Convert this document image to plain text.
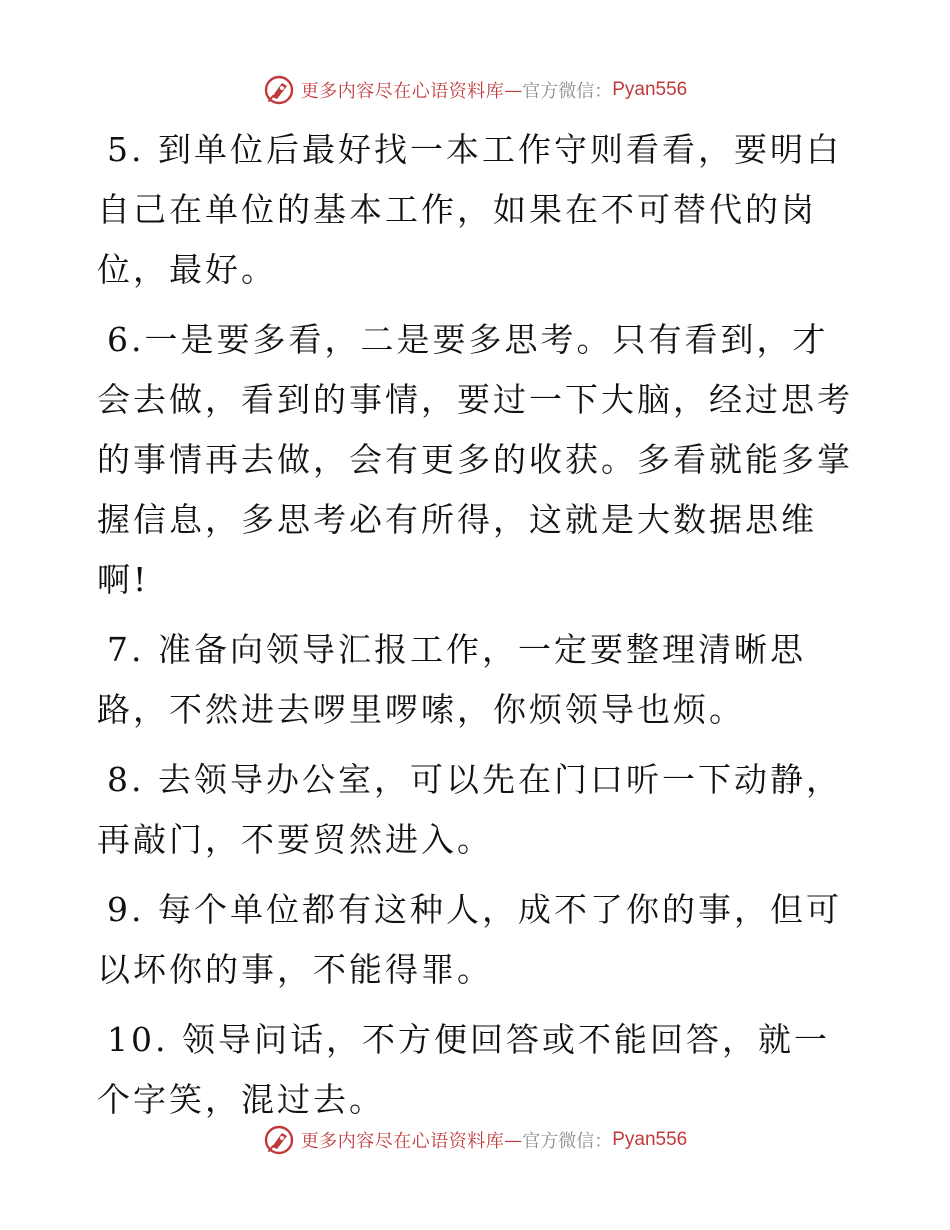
更多内容尽在心语资料库 — 官方微信： Pyan556

5. 到单位后最好找一本工作守则看看，要明白自己在单位的基本工作，如果在不可替代的岗位，最好。

6.一是要多看，二是要多思考。只有看到，才会去做，看到的事情，要过一下大脑，经过思考的事情再去做，会有更多的收获。多看就能多掌握信息，多思考必有所得，这就是大数据思维啊!

7. 准备向领导汇报工作，一定要整理清晰思路，不然进去啰里啰嗦，你烦领导也烦。

8. 去领导办公室，可以先在门口听一下动静，再敲门，不要贸然进入。

9. 每个单位都有这种人，成不了你的事，但可以坏你的事，不能得罪。

10. 领导问话，不方便回答或不能回答，就一个字笑，混过去。

更多内容尽在心语资料库 — 官方微信： Pyan556
